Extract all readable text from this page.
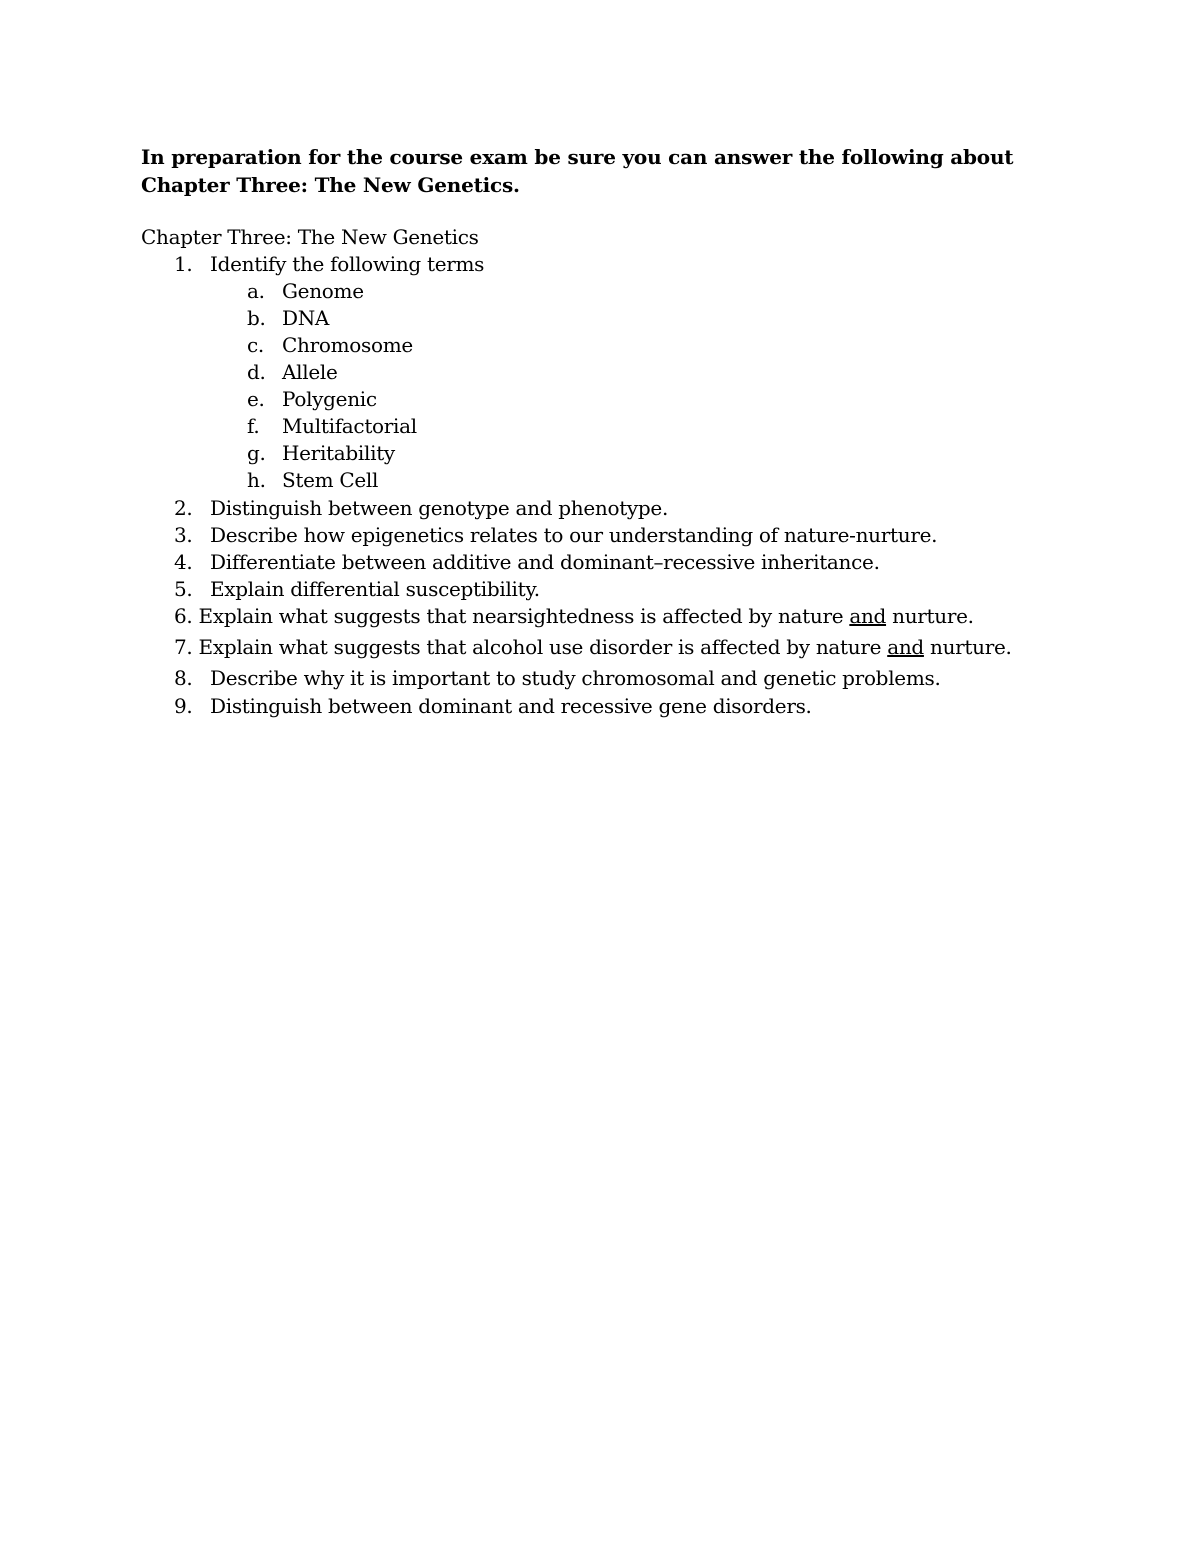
In preparation for the course exam be sure you can answer the following about
Chapter Three: The New Genetics.
Chapter Three: The New Genetics
1. Identify the following terms
a. Genome
b. DNA
c. Chromosome
d. Allele
e. Polygenic
f. Multifactorial
g. Heritability
h. Stem Cell
2. Distinguish between genotype and phenotype.
3. Describe how epigenetics relates to our understanding of nature-nurture.
4. Differentiate between additive and dominant–recessive inheritance.
5. Explain differential susceptibility.
6. Explain what suggests that nearsightedness is affected by nature and nurture.
7. Explain what suggests that alcohol use disorder is affected by nature and nurture.
8. Describe why it is important to study chromosomal and genetic problems.
9. Distinguish between dominant and recessive gene disorders.
